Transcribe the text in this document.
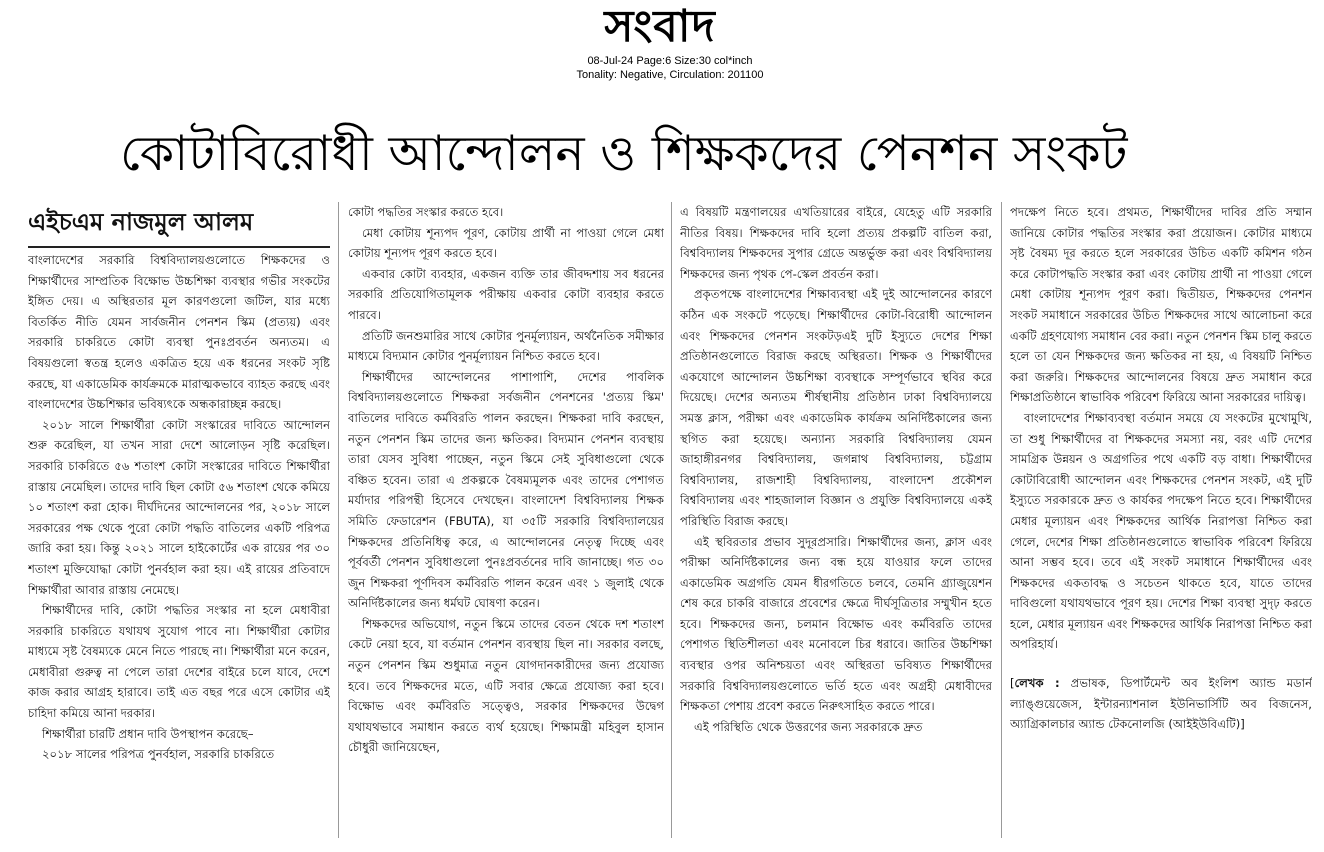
সংবাদ
08-Jul-24 Page:6 Size:30 col*inch
Tonality: Negative, Circulation: 201100
কোটাবিরোধী আন্দোলন ও শিক্ষকদের পেনশন সংকট
এইচএম নাজমুল আলম

বাংলাদেশের সরকারি বিশ্ববিদ্যালয়গুলোতে শিক্ষকদের ও শিক্ষার্থীদের সাম্প্রতিক বিক্ষোভ উচ্চশিক্ষা ব্যবস্থার গভীর সংকটের ইঙ্গিত দেয়। এ অস্থিরতার মূল কারণগুলো জটিল, যার মধ্যে বিতর্কিত নীতি যেমন সার্বজনীন পেনশন স্কিম (প্রত্যয়) এবং সরকারি চাকরিতে কোটা ব্যবস্থা পুনঃপ্রবর্তন অন্যতম। এ বিষয়গুলো স্বতন্ত্র হলেও একত্রিত হয়ে এক ধরনের সংকট সৃষ্টি করছে, যা একাডেমিক কার্যক্রমকে মারাত্মকভাবে ব্যাহত করছে এবং বাংলাদেশের উচ্চশিক্ষার ভবিষ্যৎকে অন্ধকারাচ্ছন্ন করছে।

২০১৮ সালে শিক্ষার্থীরা কোটা সংস্কারের দাবিতে আন্দোলন শুরু করেছিল, যা তখন সারা দেশে আলোড়ন সৃষ্টি করেছিল। সরকারি চাকরিতে ৫৬ শতাংশ কোটা সংস্কারের দাবিতে শিক্ষার্থীরা রাস্তায় নেমেছিল। তাদের দাবি ছিল কোটা ৫৬ শতাংশ থেকে কমিয়ে ১০ শতাংশ করা হোক। দীর্ঘদিনের আন্দোলনের পর, ২০১৮ সালে সরকারের পক্ষ থেকে পুরো কোটা পদ্ধতি বাতিলের একটি পরিপত্র জারি করা হয়। কিন্তু ২০২১ সালে হাইকোর্টের এক রায়ের পর ৩০ শতাংশ মুক্তিযোদ্ধা কোটা পুনর্বহাল করা হয়। এই রায়ের প্রতিবাদে শিক্ষার্থীরা আবার রাস্তায় নেমেছে।

শিক্ষার্থীদের দাবি, কোটা পদ্ধতির সংস্কার না হলে মেধাবীরা সরকারি চাকরিতে যথাযথ সুযোগ পাবে না। শিক্ষার্থীরা কোটার মাধ্যমে সৃষ্ট বৈষম্যকে মেনে নিতে পারছে না। শিক্ষার্থীরা মনে করেন, মেধাবীরা গুরুত্ব না পেলে তারা দেশের বাইরে চলে যাবে, দেশে কাজ করার আগ্রহ হারাবে। তাই এত বছর পরে এসে কোটার এই চাহিদা কমিয়ে আনা দরকার।

শিক্ষার্থীরা চারটি প্রধান দাবি উপস্থাপন করেছে–

২০১৮ সালের পরিপত্র পুনর্বহাল, সরকারি চাকরিতে

কোটা পদ্ধতির সংস্কার করতে হবে।

মেধা কোটায় শূন্যপদ পূরণ, কোটায় প্রার্থী না পাওয়া গেলে মেধা কোটায় শূন্যপদ পূরণ করতে হবে।

একবার কোটা ব্যবহার, একজন ব্যক্তি তার জীবদ্দশায় সব ধরনের সরকারি প্রতিযোগিতামূলক পরীক্ষায় একবার কোটা ব্যবহার করতে পারবে।

প্রতিটি জনশুমারির সাথে কোটার পুনর্মূল্যায়ন, অর্থনৈতিক সমীক্ষার মাধ্যমে বিদ্যমান কোটার পুনর্মূল্যায়ন নিশ্চিত করতে হবে।

শিক্ষার্থীদের আন্দোলনের পাশাপাশি, দেশের পাবলিক বিশ্ববিদ্যালয়গুলোতে শিক্ষকরা সর্বজনীন পেনশনের 'প্রত্যয় স্কিম' বাতিলের দাবিতে কর্মবিরতি পালন করছেন। শিক্ষকরা দাবি করছেন, নতুন পেনশন স্কিম তাদের জন্য ক্ষতিকর। বিদ্যমান পেনশন ব্যবস্থায় তারা যেসব সুবিধা পাচ্ছেন, নতুন স্কিমে সেই সুবিধাগুলো থেকে বঞ্চিত হবেন। তারা এ প্রকল্পকে বৈষম্যমূলক এবং তাদের পেশাগত মর্যাদার পরিপন্থী হিসেবে দেখছেন। বাংলাদেশ বিশ্ববিদ্যালয় শিক্ষক সমিতি ফেডারেশন (FBUTA), যা ৩৫টি সরকারি বিশ্ববিদ্যালয়ের শিক্ষকদের প্রতিনিধিত্ব করে, এ আন্দোলনের নেতৃত্ব দিচ্ছে এবং পূর্ববর্তী পেনশন সুবিধাগুলো পুনঃপ্রবর্তনের দাবি জানাচ্ছে। গত ৩০ জুন শিক্ষকরা পূর্ণদিবস কর্মবিরতি পালন করেন এবং ১ জুলাই থেকে অনির্দিষ্টকালের জন্য ধর্মঘট ঘোষণা করেন।

শিক্ষকদের অভিযোগ, নতুন স্কিমে তাদের বেতন থেকে দশ শতাংশ কেটে নেয়া হবে, যা বর্তমান পেনশন ব্যবস্থায় ছিল না। সরকার বলছে, নতুন পেনশন স্কিম শুধুমাত্র নতুন যোগদানকারীদের জন্য প্রযোজ্য হবে। তবে শিক্ষকদের মতে, এটি সবার ক্ষেত্রে প্রযোজ্য করা হবে। বিক্ষোভ এবং কর্মবিরতি সত্ত্বেও, সরকার শিক্ষকদের উদ্বেগ যথাযথভাবে সমাধান করতে ব্যর্থ হয়েছে। শিক্ষামন্ত্রী মহিবুল হাসান চৌধুরী জানিয়েছেন,

এ বিষয়টি মন্ত্রণালয়ের এখতিয়ারের বাইরে, যেহেতু এটি সরকারি নীতির বিষয়। শিক্ষকদের দাবি হলো প্রত্যয় প্রকল্পটি বাতিল করা, বিশ্ববিদ্যালয় শিক্ষকদের সুপার গ্রেডে অন্তর্ভুক্ত করা এবং বিশ্ববিদ্যালয় শিক্ষকদের জন্য পৃথক পে-স্কেল প্রবর্তন করা।

প্রকৃতপক্ষে বাংলাদেশের শিক্ষাব্যবস্থা এই দুই আন্দোলনের কারণে কঠিন এক সংকটে পড়েছে। শিক্ষার্থীদের কোটা-বিরোধী আন্দোলন এবং শিক্ষকদের পেনশন সংকটড়এই দুটি ইস্যুতে দেশের শিক্ষা প্রতিষ্ঠানগুলোতে বিরাজ করছে অস্থিরতা। শিক্ষক ও শিক্ষার্থীদের একযোগে আন্দোলন উচ্চশিক্ষা ব্যবস্থাকে সম্পূর্ণভাবে স্থবির করে দিয়েছে। দেশের অন্যতম শীর্ষস্থানীয় প্রতিষ্ঠান ঢাকা বিশ্ববিদ্যালয়ে সমস্ত ক্লাস, পরীক্ষা এবং একাডেমিক কার্যক্রম অনির্দিষ্টকালের জন্য স্থগিত করা হয়েছে। অন্যান্য সরকারি বিশ্ববিদ্যালয় যেমন জাহাঙ্গীরনগর বিশ্ববিদ্যালয়, জগন্নাথ বিশ্ববিদ্যালয়, চট্টগ্রাম বিশ্ববিদ্যালয়, রাজশাহী বিশ্ববিদ্যালয়, বাংলাদেশ প্রকৌশল বিশ্ববিদ্যালয় এবং শাহজালাল বিজ্ঞান ও প্রযুক্তি বিশ্ববিদ্যালয়ে একই পরিস্থিতি বিরাজ করছে।

এই স্থবিরতার প্রভাব সুদূরপ্রসারি। শিক্ষার্থীদের জন্য, ক্লাস এবং পরীক্ষা অনির্দিষ্টকালের জন্য বন্ধ হয়ে যাওয়ার ফলে তাদের একাডেমিক অগ্রগতি যেমন ধীরগতিতে চলবে, তেমনি গ্র্যাজুয়েশন শেষ করে চাকরি বাজারে প্রবেশের ক্ষেত্রে দীর্ঘসূত্রিতার সম্মুখীন হতে হবে। শিক্ষকদের জন্য, চলমান বিক্ষোভ এবং কর্মবিরতি তাদের পেশাগত স্থিতিশীলতা এবং মনোবলে চির ধরাবে। জাতির উচ্চশিক্ষা ব্যবস্থার ওপর অনিশ্চয়তা এবং অস্থিরতা ভবিষ্যত শিক্ষার্থীদের সরকারি বিশ্ববিদ্যালয়গুলোতে ভর্তি হতে এবং অগ্রহী মেধাবীদের শিক্ষকতা পেশায় প্রবেশ করতে নিরুৎসাহিত করতে পারে।

এই পরিস্থিতি থেকে উত্তরণের জন্য সরকারকে দ্রুত

পদক্ষেপ নিতে হবে। প্রথমত, শিক্ষার্থীদের দাবির প্রতি সম্মান জানিয়ে কোটার পদ্ধতির সংস্কার করা প্রয়োজন। কোটার মাধ্যমে সৃষ্ট বৈষম্য দূর করতে হলে সরকারের উচিত একটি কমিশন গঠন করে কোটাপদ্ধতি সংস্কার করা এবং কোটায় প্রার্থী না পাওয়া গেলে মেধা কোটায় শূন্যপদ পূরণ করা। দ্বিতীয়ত, শিক্ষকদের পেনশন সংকট সমাধানে সরকারের উচিত শিক্ষকদের সাথে আলোচনা করে একটি গ্রহণযোগ্য সমাধান বের করা। নতুন পেনশন স্কিম চালু করতে হলে তা যেন শিক্ষকদের জন্য ক্ষতিকর না হয়, এ বিষয়টি নিশ্চিত করা জরুরি। শিক্ষকদের আন্দোলনের বিষয়ে দ্রুত সমাধান করে শিক্ষাপ্রতিষ্ঠানে স্বাভাবিক পরিবেশ ফিরিয়ে আনা সরকারের দায়িত্ব।

বাংলাদেশের শিক্ষাব্যবস্থা বর্তমান সময়ে যে সংকটের মুখোমুখি, তা শুধু শিক্ষার্থীদের বা শিক্ষকদের সমস্যা নয়, বরং এটি দেশের সামগ্রিক উন্নয়ন ও অগ্রগতির পথে একটি বড় বাধা। শিক্ষার্থীদের কোটাবিরোধী আন্দোলন এবং শিক্ষকদের পেনশন সংকট, এই দুটি ইস্যুতে সরকারকে দ্রুত ও কার্যকর পদক্ষেপ নিতে হবে। শিক্ষার্থীদের মেধার মূল্যায়ন এবং শিক্ষকদের আর্থিক নিরাপত্তা নিশ্চিত করা গেলে, দেশের শিক্ষা প্রতিষ্ঠানগুলোতে স্বাভাবিক পরিবেশ ফিরিয়ে আনা সম্ভব হবে। তবে এই সংকট সমাধানে শিক্ষার্থীদের এবং শিক্ষকদের একতাবদ্ধ ও সচেতন থাকতে হবে, যাতে তাদের দাবিগুলো যথাযথভাবে পূরণ হয়। দেশের শিক্ষা ব্যবস্থা সুদৃঢ় করতে হলে, মেধার মূল্যায়ন এবং শিক্ষকদের আর্থিক নিরাপত্তা নিশ্চিত করা অপরিহার্য।

[লেখক : প্রভাষক, ডিপার্টমেন্ট অব ইংলিশ অ্যান্ড মডার্ন ল্যাঙ্গুয়েজেস, ইন্টারন্যাশনাল ইউনিভার্সিটি অব বিজনেস, অ্যাগ্রিকালচার অ্যান্ড টেকনোলজি (আইইউবিএটি)]
